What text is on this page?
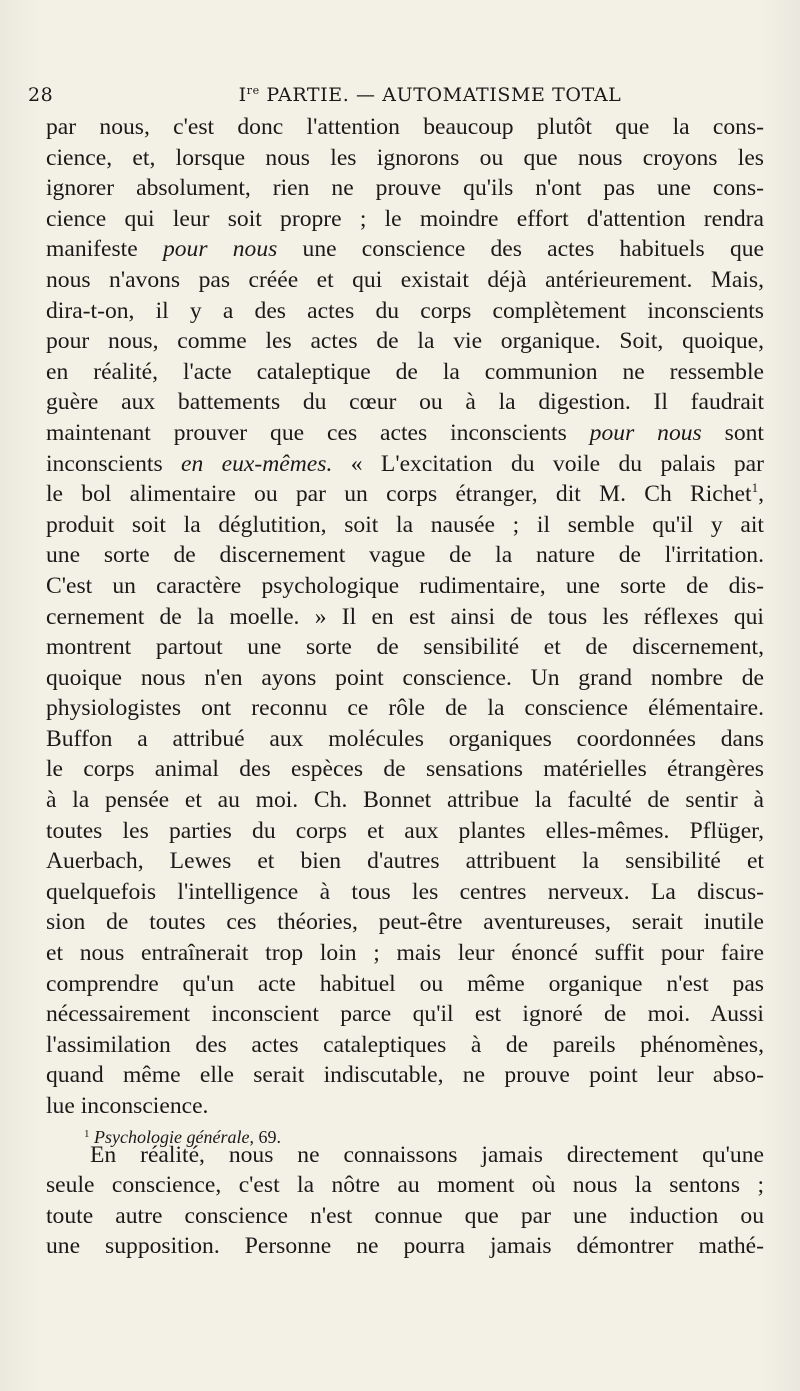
28	Ire PARTIE. — AUTOMATISME TOTAL

par nous, c'est donc l'attention beaucoup plutôt que la cons-
cience, et, lorsque nous les ignorons ou que nous croyons les
ignorer absolument, rien ne prouve qu'ils n'ont pas une cons-
cience qui leur soit propre ; le moindre effort d'attention rendra
manifeste pour nous une conscience des actes habituels que
nous n'avons pas créée et qui existait déjà antérieurement. Mais,
dira-t-on, il y a des actes du corps complètement inconscients
pour nous, comme les actes de la vie organique. Soit, quoique,
en réalité, l'acte cataleptique de la communion ne ressemble
guère aux battements du cœur ou à la digestion. Il faudrait
maintenant prouver que ces actes inconscients pour nous sont
inconscients en eux-mêmes. « L'excitation du voile du palais par
le bol alimentaire ou par un corps étranger, dit M. Ch Richet$^1$,
produit soit la déglutition, soit la nausée ; il semble qu'il y ait
une sorte de discernement vague de la nature de l'irritation.
C'est un caractère psychologique rudimentaire, une sorte de dis-
cernement de la moelle. » Il en est ainsi de tous les réflexes qui
montrent partout une sorte de sensibilité et de discernement,
quoique nous n'en ayons point conscience. Un grand nombre de
physiologistes ont reconnu ce rôle de la conscience élémentaire.
Buffon a attribué aux molécules organiques coordonnées dans
le corps animal des espèces de sensations matérielles étrangères
à la pensée et au moi. Ch. Bonnet attribue la faculté de sentir à
toutes les parties du corps et aux plantes elles-mêmes. Pflüger,
Auerbach, Lewes et bien d'autres attribuent la sensibilité et
quelquefois l'intelligence à tous les centres nerveux. La discus-
sion de toutes ces théories, peut-être aventureuses, serait inutile
et nous entraînerait trop loin ; mais leur énoncé suffit pour faire
comprendre qu'un acte habituel ou même organique n'est pas
nécessairement inconscient parce qu'il est ignoré de moi. Aussi
l'assimilation des actes cataleptiques à de pareils phénomènes,
quand même elle serait indiscutable, ne prouve point leur abso-
lue inconscience.

En réalité, nous ne connaissons jamais directement qu'une
seule conscience, c'est la nôtre au moment où nous la sentons ;
toute autre conscience n'est connue que par une induction ou
une supposition. Personne ne pourra jamais démontrer mathé-

$^1$ Psychologie générale, 69.
